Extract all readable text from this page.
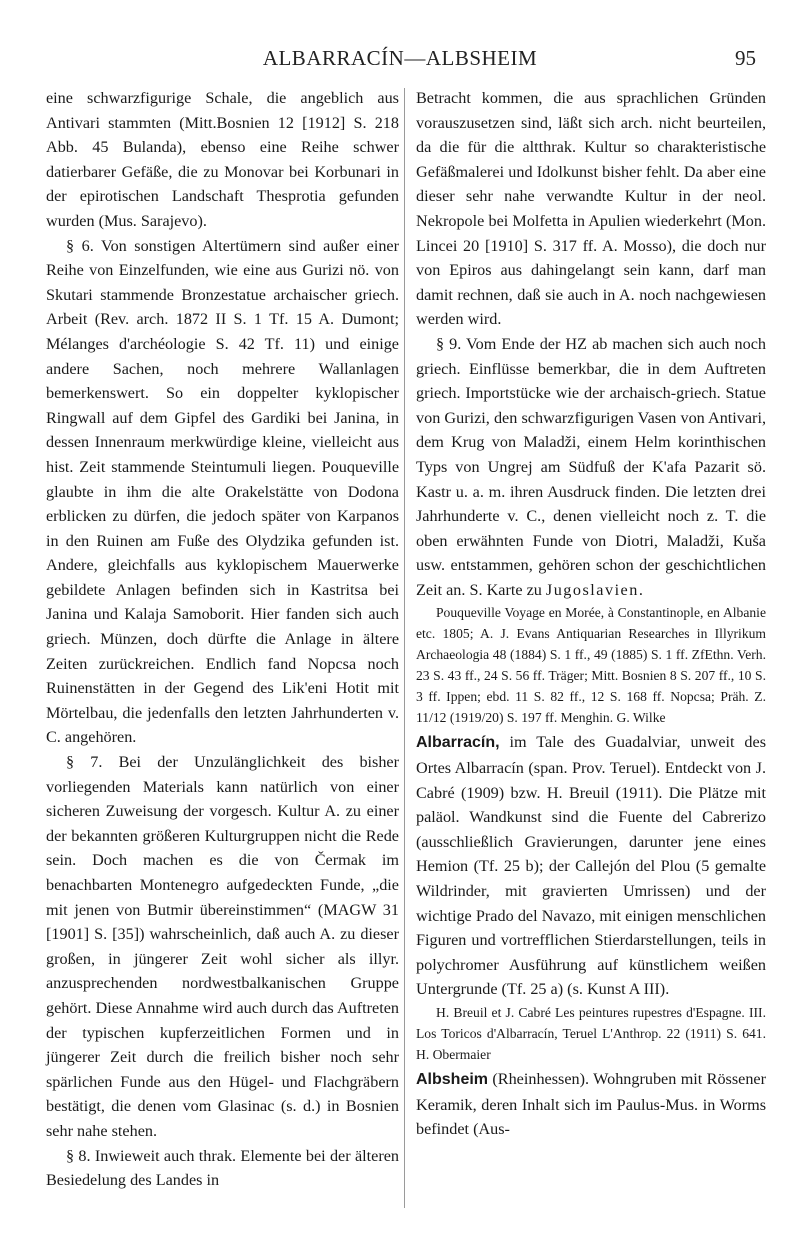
ALBARRACÍN—ALBSHEIM	95

eine schwarzfigurige Schale, die angeblich aus Antivari stammten (Mitt.Bosnien 12 [1912] S. 218 Abb. 45 Bulanda), ebenso eine Reihe schwer datierbarer Gefäße, die zu Monovar bei Korbunari in der epirotischen Landschaft Thesprotia gefunden wurden (Mus. Sarajevo).

§ 6. Von sonstigen Altertümern sind außer einer Reihe von Einzelfunden, wie eine aus Gurizi nö. von Skutari stammende Bronzestatue archaischer griech. Arbeit (Rev. arch. 1872 II S. 1 Tf. 15 A. Dumont; Mélanges d'archéologie S. 42 Tf. 11) und einige andere Sachen, noch mehrere Wallanlagen bemerkenswert. So ein doppelter kyklopischer Ringwall auf dem Gipfel des Gardiki bei Janina, in dessen Innenraum merkwürdige kleine, vielleicht aus hist. Zeit stammende Steintumuli liegen. Pouqueville glaubte in ihm die alte Orakelstätte von Dodona erblicken zu dürfen, die jedoch später von Karpanos in den Ruinen am Fuße des Olydzika gefunden ist. Andere, gleichfalls aus kyklopischem Mauerwerke gebildete Anlagen befinden sich in Kastritsa bei Janina und Kalaja Samoborit. Hier fanden sich auch griech. Münzen, doch dürfte die Anlage in ältere Zeiten zurückreichen. Endlich fand Nopcsa noch Ruinenstätten in der Gegend des Lik'eni Hotit mit Mörtelbau, die jedenfalls den letzten Jahrhunderten v. C. angehören.

§ 7. Bei der Unzulänglichkeit des bisher vorliegenden Materials kann natürlich von einer sicheren Zuweisung der vorgesch. Kultur A. zu einer der bekannten größeren Kulturgruppen nicht die Rede sein. Doch machen es die von Čermak im benachbarten Montenegro aufgedeckten Funde, „die mit jenen von Butmir übereinstimmen“ (MAGW 31 [1901] S. [35]) wahrscheinlich, daß auch A. zu dieser großen, in jüngerer Zeit wohl sicher als illyr. anzusprechenden nordwestbalkanischen Gruppe gehört. Diese Annahme wird auch durch das Auftreten der typischen kupferzeitlichen Formen und in jüngerer Zeit durch die freilich bisher noch sehr spärlichen Funde aus den Hügel- und Flachgräbern bestätigt, die denen vom Glasinac (s. d.) in Bosnien sehr nahe stehen.

§ 8. Inwieweit auch thrak. Elemente bei der älteren Besiedelung des Landes in

Betracht kommen, die aus sprachlichen Gründen vorauszusetzen sind, läßt sich arch. nicht beurteilen, da die für die altthrak. Kultur so charakteristische Gefäßmalerei und Idolkunst bisher fehlt. Da aber eine dieser sehr nahe verwandte Kultur in der neol. Nekropole bei Molfetta in Apulien wiederkehrt (Mon. Lincei 20 [1910] S. 317 ff. A. Mosso), die doch nur von Epiros aus dahingelangt sein kann, darf man damit rechnen, daß sie auch in A. noch nachgewiesen werden wird.

§ 9. Vom Ende der HZ ab machen sich auch noch griech. Einflüsse bemerkbar, die in dem Auftreten griech. Importstücke wie der archaisch-griech. Statue von Gurizi, den schwarzfigurigen Vasen von Antivari, dem Krug von Maladži, einem Helm korinthischen Typs von Ungrej am Südfuß der K'afa Pazarit sö. Kastr u. a. m. ihren Ausdruck finden. Die letzten drei Jahrhunderte v. C., denen vielleicht noch z. T. die oben erwähnten Funde von Diotri, Maladži, Kuša usw. entstammen, gehören schon der geschichtlichen Zeit an. S. Karte zu Jugoslavien.

Pouqueville Voyage en Morée, à Constantinople, en Albanie etc. 1805; A. J. Evans Antiquarian Researches in Illyrikum Archaeologia 48 (1884) S. 1 ff., 49 (1885) S. 1 ff. ZfEthn. Verh. 23 S. 43 ff., 24 S. 56 ff. Träger; Mitt. Bosnien 8 S. 207 ff., 10 S. 3 ff. Ippen; ebd. 11 S. 82 ff., 12 S. 168 ff. Nopcsa; Präh. Z. 11/12 (1919/20) S. 197 ff. Menghin. G. Wilke

Albarracín, im Tale des Guadalviar, unweit des Ortes Albarracín (span. Prov. Teruel). Entdeckt von J. Cabré (1909) bzw. H. Breuil (1911). Die Plätze mit paläol. Wandkunst sind die Fuente del Cabrerizo (ausschließlich Gravierungen, darunter jene eines Hemion (Tf. 25 b); der Callejón del Plou (5 gemalte Wildrinder, mit gravierten Umrissen) und der wichtige Prado del Navazo, mit einigen menschlichen Figuren und vortrefflichen Stierdarstellungen, teils in polychromer Ausführung auf künstlichem weißen Untergrunde (Tf. 25 a) (s. Kunst A III).

H. Breuil et J. Cabré Les peintures rupestres d'Espagne. III. Los Toricos d'Albarracín, Teruel L'Anthrop. 22 (1911) S. 641. H. Obermaier

Albsheim (Rheinhessen). Wohngruben mit Rössener Keramik, deren Inhalt sich im Paulus-Mus. in Worms befindet (Aus-
